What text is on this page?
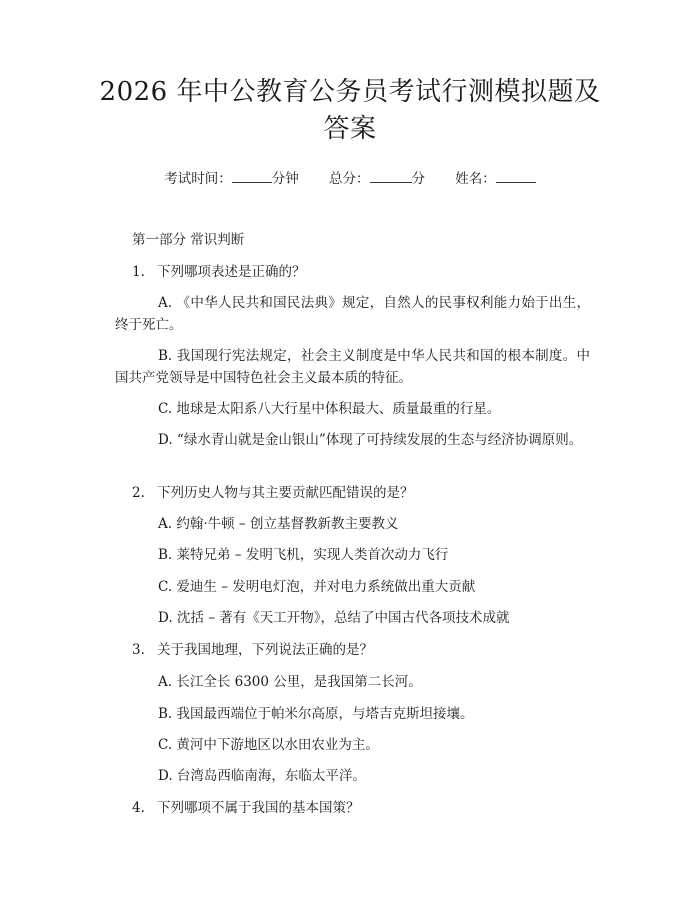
2026 年中公教育公务员考试行测模拟题及答案
考试时间：	分钟 总分：	分 姓名：
第一部分 常识判断
1. 下列哪项表述是正确的？
A. 《中华人民共和国民法典》规定，自然人的民事权利能力始于出生，终于死亡。
B. 我国现行宪法规定，社会主义制度是中华人民共和国的根本制度。中国共产党领导是中国特色社会主义最本质的特征。
C. 地球是太阳系八大行星中体积最大、质量最重的行星。
D. “绿水青山就是金山银山”体现了可持续发展的生态与经济协调原则。
2. 下列历史人物与其主要贡献匹配错误的是？
A. 约翰·牛顿 – 创立基督教新教主要教义
B. 莱特兄弟 – 发明飞机，实现人类首次动力飞行
C. 爱迪生 – 发明电灯泡，并对电力系统做出重大贡献
D. 沈括 – 著有《天工开物》，总结了中国古代各项技术成就
3. 关于我国地理，下列说法正确的是？
A. 长江全长 6300 公里，是我国第二长河。
B. 我国最西端位于帕米尔高原，与塔吉克斯坦接壤。
C. 黄河中下游地区以水田农业为主。
D. 台湾岛西临南海，东临太平洋。
4. 下列哪项不属于我国的基本国策？
